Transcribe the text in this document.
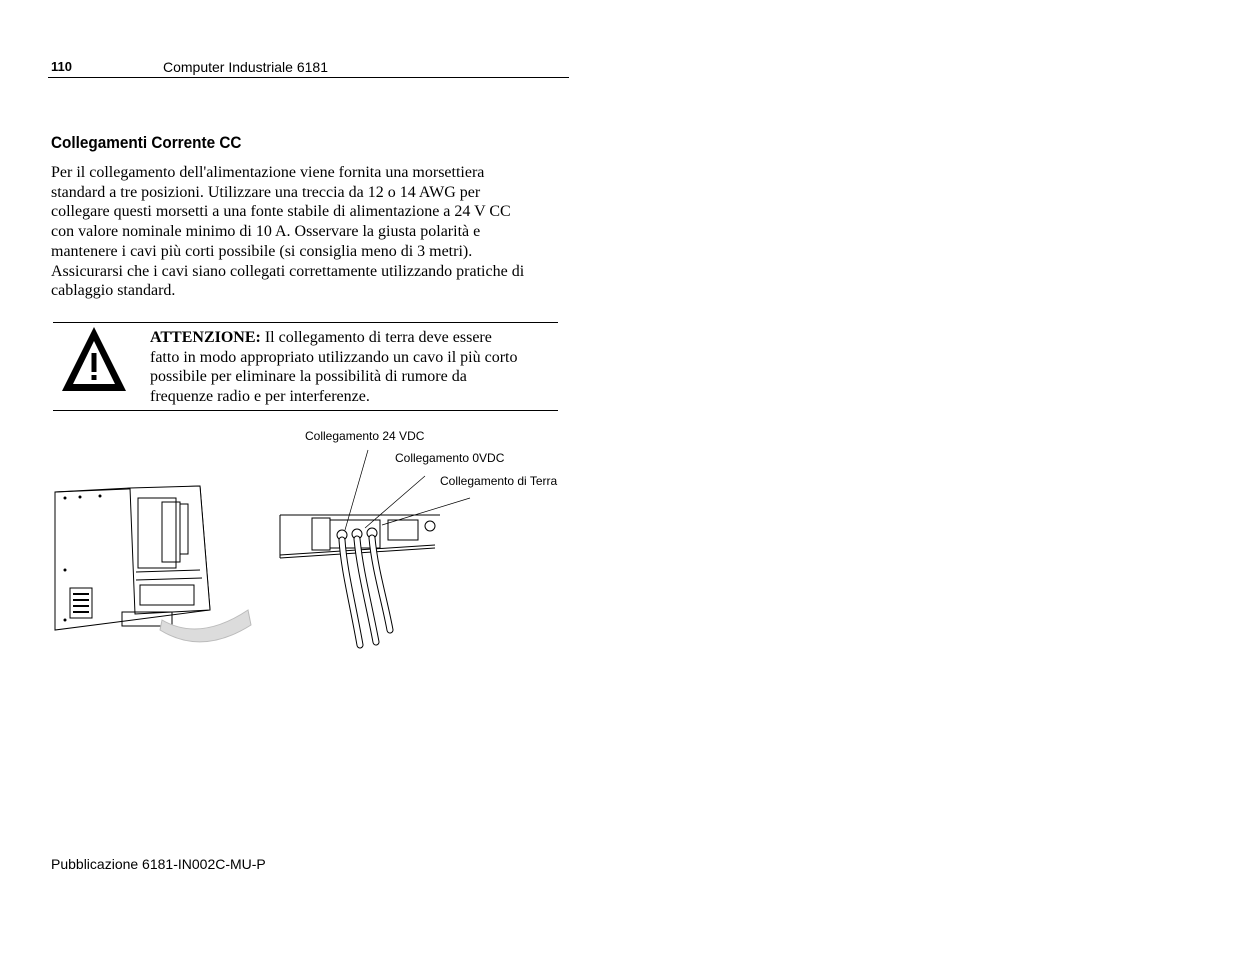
110	Computer Industriale 6181
Collegamenti Corrente CC
Per il collegamento dell'alimentazione viene fornita una morsettiera
standard a tre posizioni. Utilizzare una treccia da 12 o 14 AWG per
collegare questi morsetti a una fonte stabile di alimentazione a 24 V CC
con valore nominale minimo di 10 A. Osservare la giusta polarità e
mantenere i cavi più corti possibile (si consiglia meno di 3 metri).
Assicurarsi che i cavi siano collegati correttamente utilizzando pratiche di
cablaggio standard.
ATTENZIONE: Il collegamento di terra deve essere
fatto in modo appropriato utilizzando un cavo il più corto
possibile per eliminare la possibilità di rumore da
frequenze radio e per interferenze.
Collegamento 24 VDC
Collegamento 0VDC
Collegamento di Terra
Pubblicazione 6181-IN002C-MU-P
